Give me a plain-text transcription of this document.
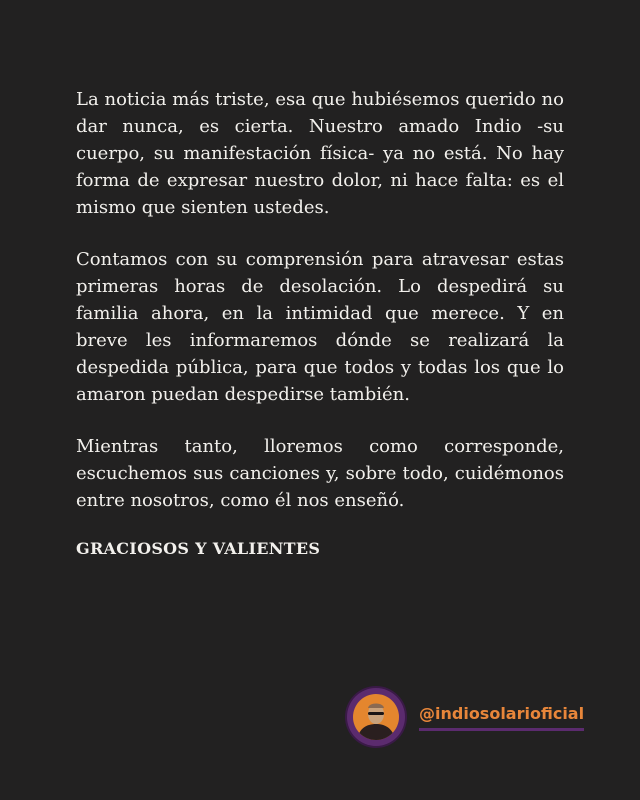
La noticia más triste, esa que hubiésemos querido no dar nunca, es cierta. Nuestro amado Indio -su cuerpo, su manifestación física- ya no está. No hay forma de expresar nuestro dolor, ni hace falta: es el mismo que sienten ustedes.

Contamos con su comprensión para atravesar estas primeras horas de desolación. Lo despedirá su familia ahora, en la intimidad que merece. Y en breve les informaremos dónde se realizará la despedida pública, para que todos y todas los que lo amaron puedan despedirse también.

Mientras tanto, lloremos como corresponde, escuchemos sus canciones y, sobre todo, cuidémonos entre nosotros, como él nos enseñó.

GRACIOSOS Y VALIENTES

@indiosolarioficial
